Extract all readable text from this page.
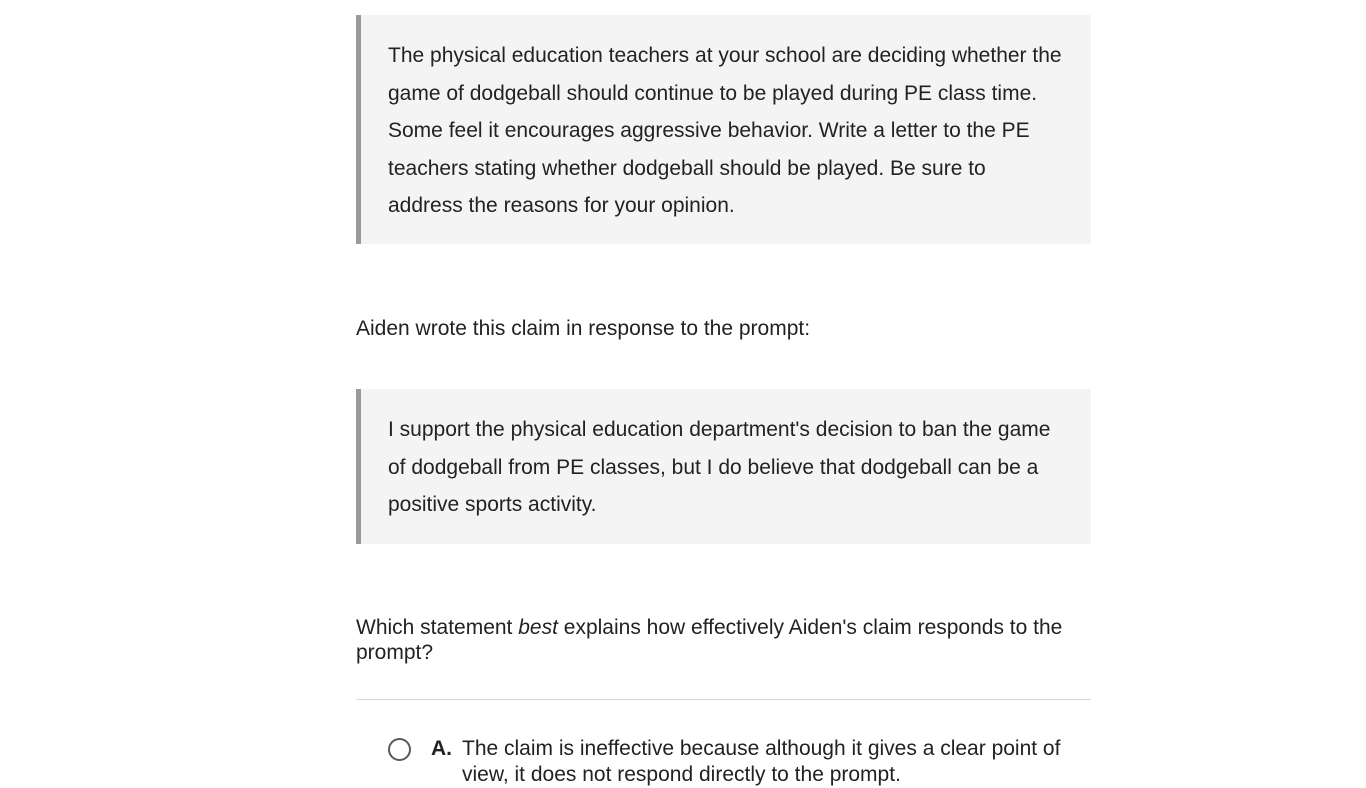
The physical education teachers at your school are deciding whether the game of dodgeball should continue to be played during PE class time. Some feel it encourages aggressive behavior. Write a letter to the PE teachers stating whether dodgeball should be played. Be sure to address the reasons for your opinion.

Aiden wrote this claim in response to the prompt:

I support the physical education department's decision to ban the game of dodgeball from PE classes, but I do believe that dodgeball can be a positive sports activity.

Which statement best explains how effectively Aiden's claim responds to the prompt?

A. The claim is ineffective because although it gives a clear point of view, it does not respond directly to the prompt.
